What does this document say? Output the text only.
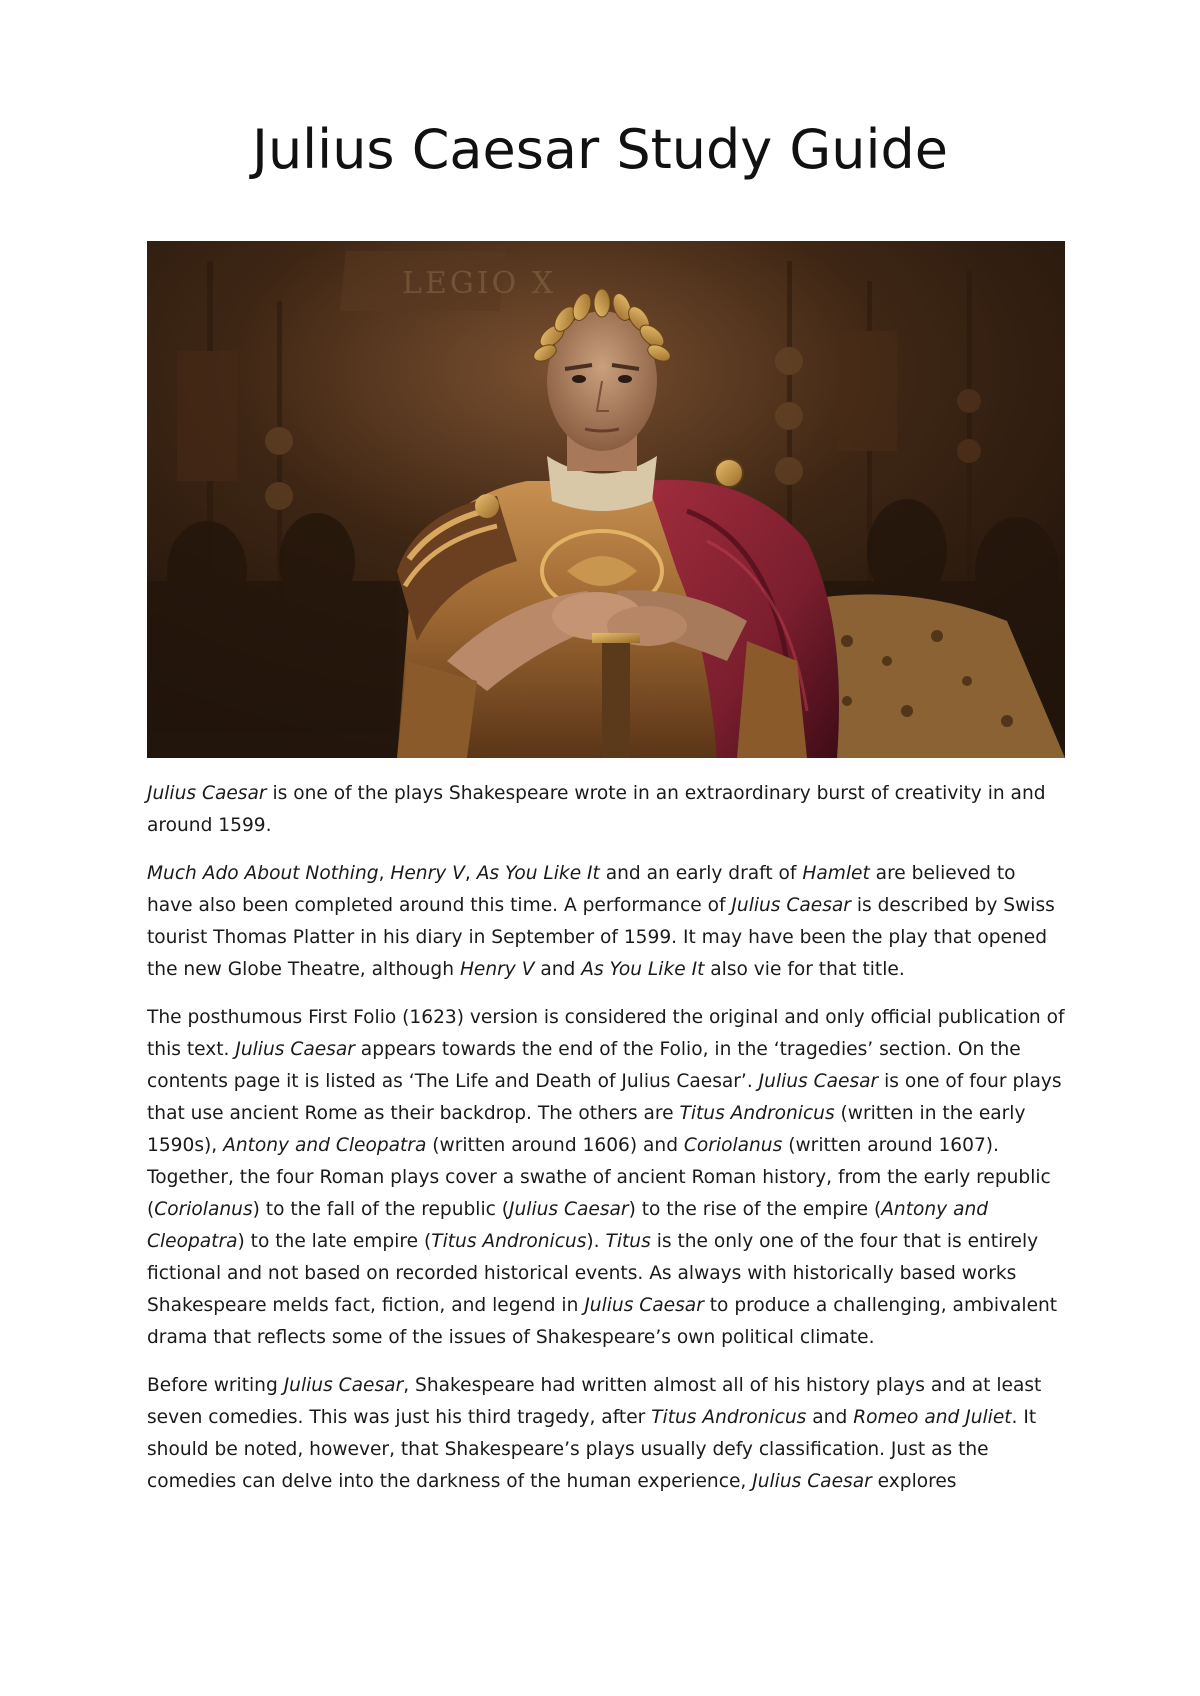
Julius Caesar Study Guide
LEGIO X

Julius Caesar is one of the plays Shakespeare wrote in an extraordinary burst of creativity in and around 1599.

Much Ado About Nothing, Henry V, As You Like It and an early draft of Hamlet are believed to have also been completed around this time. A performance of Julius Caesar is described by Swiss tourist Thomas Platter in his diary in September of 1599. It may have been the play that opened the new Globe Theatre, although Henry V and As You Like It also vie for that title.

The posthumous First Folio (1623) version is considered the original and only official publication of this text. Julius Caesar appears towards the end of the Folio, in the ‘tragedies’ section. On the contents page it is listed as ‘The Life and Death of Julius Caesar’. Julius Caesar is one of four plays that use ancient Rome as their backdrop. The others are Titus Andronicus (written in the early 1590s), Antony and Cleopatra (written around 1606) and Coriolanus (written around 1607). Together, the four Roman plays cover a swathe of ancient Roman history, from the early republic (Coriolanus) to the fall of the republic (Julius Caesar) to the rise of the empire (Antony and Cleopatra) to the late empire (Titus Andronicus). Titus is the only one of the four that is entirely fictional and not based on recorded historical events. As always with historically based works Shakespeare melds fact, fiction, and legend in Julius Caesar to produce a challenging, ambivalent drama that reflects some of the issues of Shakespeare’s own political climate.

Before writing Julius Caesar, Shakespeare had written almost all of his history plays and at least seven comedies. This was just his third tragedy, after Titus Andronicus and Romeo and Juliet. It should be noted, however, that Shakespeare’s plays usually defy classification. Just as the comedies can delve into the darkness of the human experience, Julius Caesar explores
